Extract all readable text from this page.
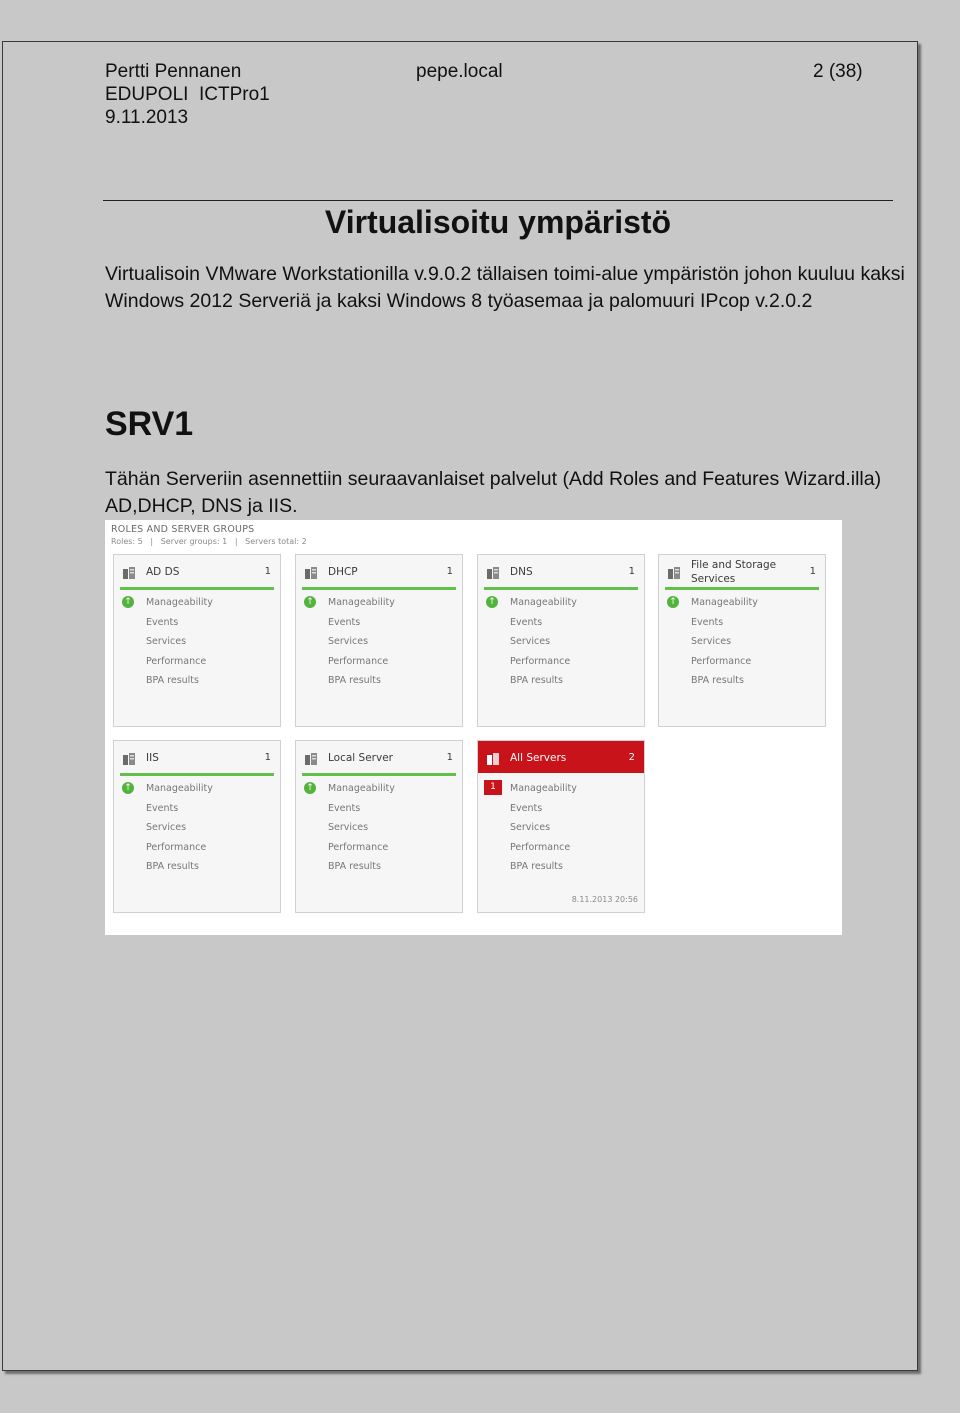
Pertti Pennanen
EDUPOLI  ICTPro1
9.11.2013
pepe.local	2 (38)
Virtualisoitu ympäristö
Virtualisoin VMware Workstationilla v.9.0.2 tällaisen toimi-alue ympäristön johon kuuluu kaksi Windows 2012 Serveriä ja kaksi Windows 8 työasemaa ja palomuuri IPcop v.2.0.2
SRV1
Tähän Serveriin asennettiin seuraavanlaiset palvelut (Add Roles and Features Wizard.illa)  AD,DHCP, DNS ja IIS.
ROLES AND SERVER GROUPS
Roles: 5   |   Server groups: 1   |   Servers total: 2
AD DS	1
↑ Manageability
Events
Services
Performance
BPA results
DHCP	1
↑ Manageability
Events
Services
Performance
BPA results
DNS	1
↑ Manageability
Events
Services
Performance
BPA results
File and Storage Services
1
↑ Manageability
Events
Services
Performance
BPA results
IIS	1
↑ Manageability
Events
Services
Performance
BPA results
Local Server	1
↑ Manageability
Events
Services
Performance
BPA results
All Servers	2
1	Manageability
Events
Services
Performance
BPA results
8.11.2013 20:56
